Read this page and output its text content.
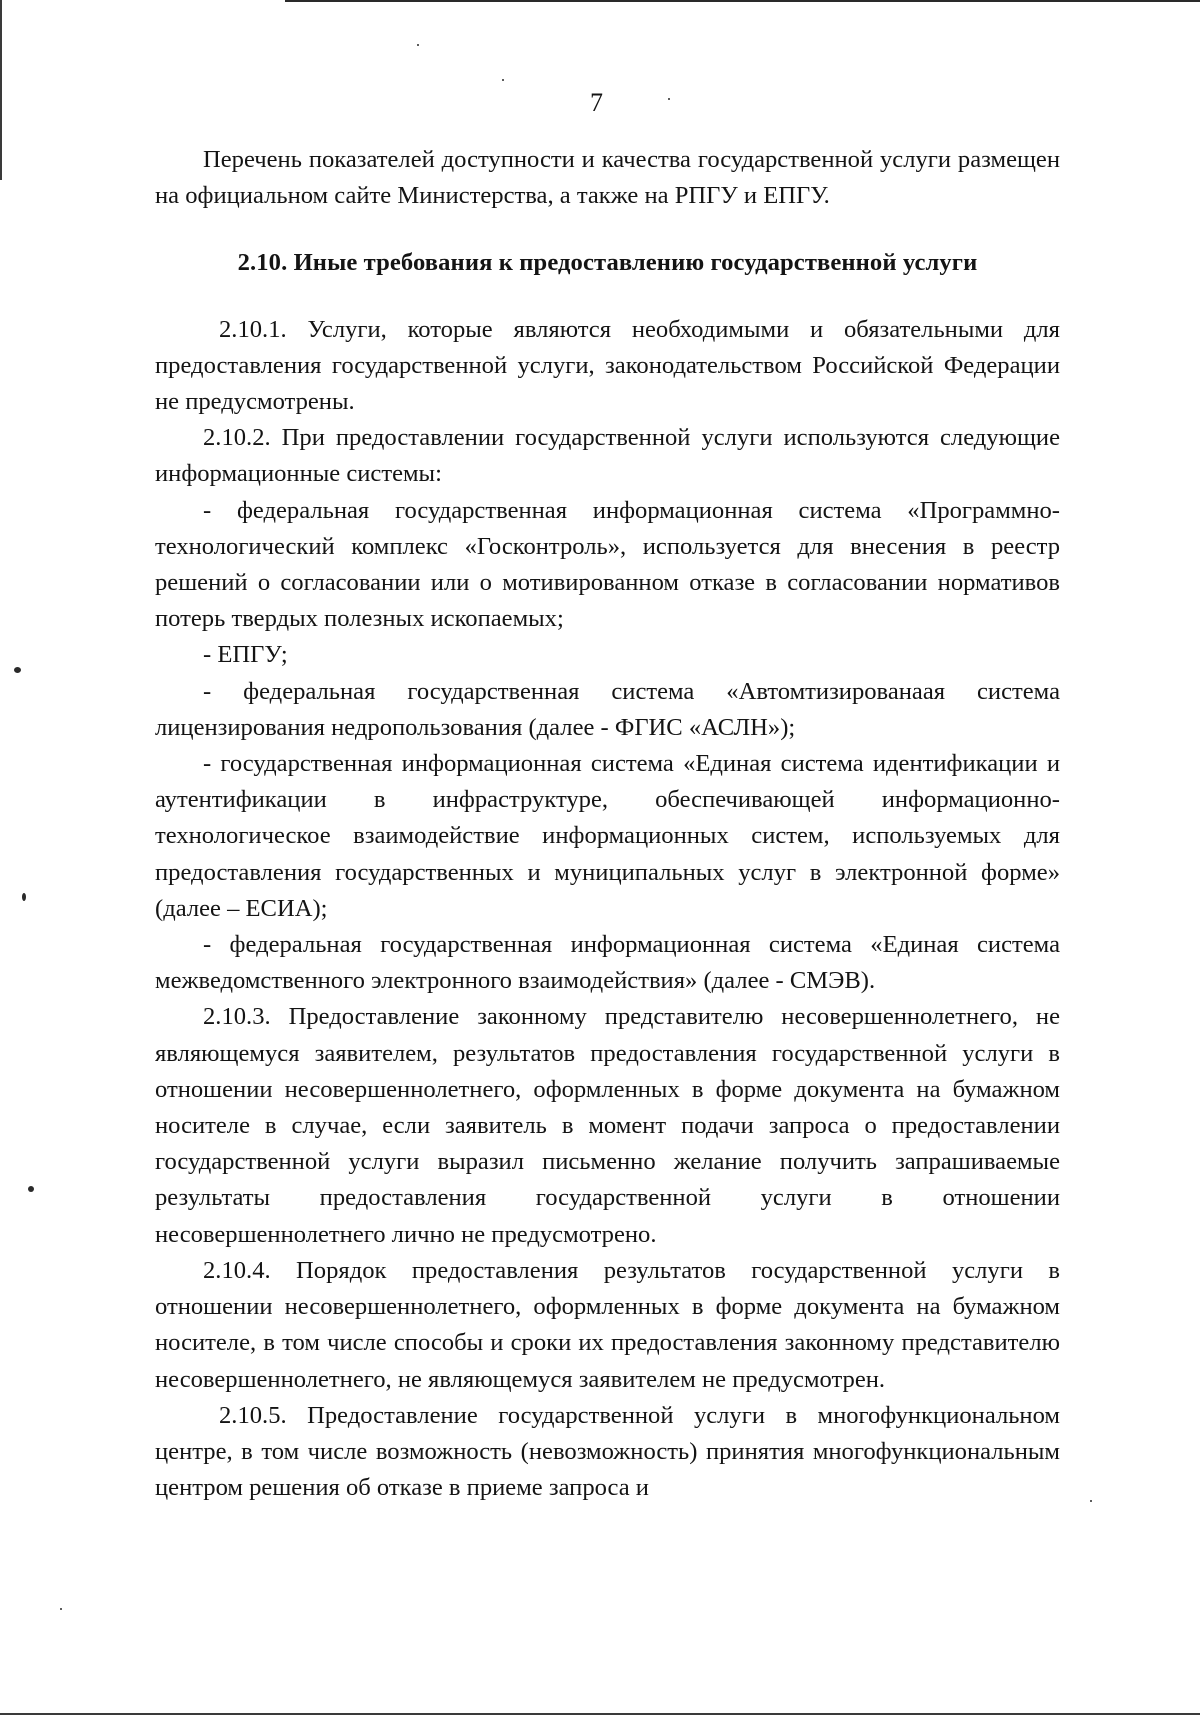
7

Перечень показателей доступности и качества государственной услуги размещен на официальном сайте Министерства, а также на РПГУ и ЕПГУ.

2.10. Иные требования к предоставлению государственной услуги

2.10.1. Услуги, которые являются необходимыми и обязательными для предоставления государственной услуги, законодательством Российской Федерации не предусмотрены.

2.10.2. При предоставлении государственной услуги используются следующие информационные системы:

- федеральная государственная информационная система «Программно-технологический комплекс «Госконтроль», используется для внесения в реестр решений о согласовании или о мотивированном отказе в согласовании нормативов потерь твердых полезных ископаемых;

- ЕПГУ;

- федеральная государственная система «Автомтизированаая система лицензирования недропользования (далее - ФГИС «АСЛН»);

- государственная информационная система «Единая система идентификации и аутентификации в инфраструктуре, обеспечивающей информационно-технологическое взаимодействие информационных систем, используемых для предоставления государственных и муниципальных услуг в электронной форме» (далее – ЕСИА);

- федеральная государственная информационная система «Единая система межведомственного электронного взаимодействия» (далее - СМЭВ).

2.10.3. Предоставление законному представителю несовершеннолетнего, не являющемуся заявителем, результатов предоставления государственной услуги в отношении несовершеннолетнего, оформленных в форме документа на бумажном носителе в случае, если заявитель в момент подачи запроса о предоставлении государственной услуги выразил письменно желание получить запрашиваемые результаты предоставления государственной услуги в отношении несовершеннолетнего лично не предусмотрено.

2.10.4. Порядок предоставления результатов государственной услуги в отношении несовершеннолетнего, оформленных в форме документа на бумажном носителе, в том числе способы и сроки их предоставления законному представителю несовершеннолетнего, не являющемуся заявителем не предусмотрен.

2.10.5. Предоставление государственной услуги в многофункциональном центре, в том числе возможность (невозможность) принятия многофункциональным центром решения об отказе в приеме запроса и
